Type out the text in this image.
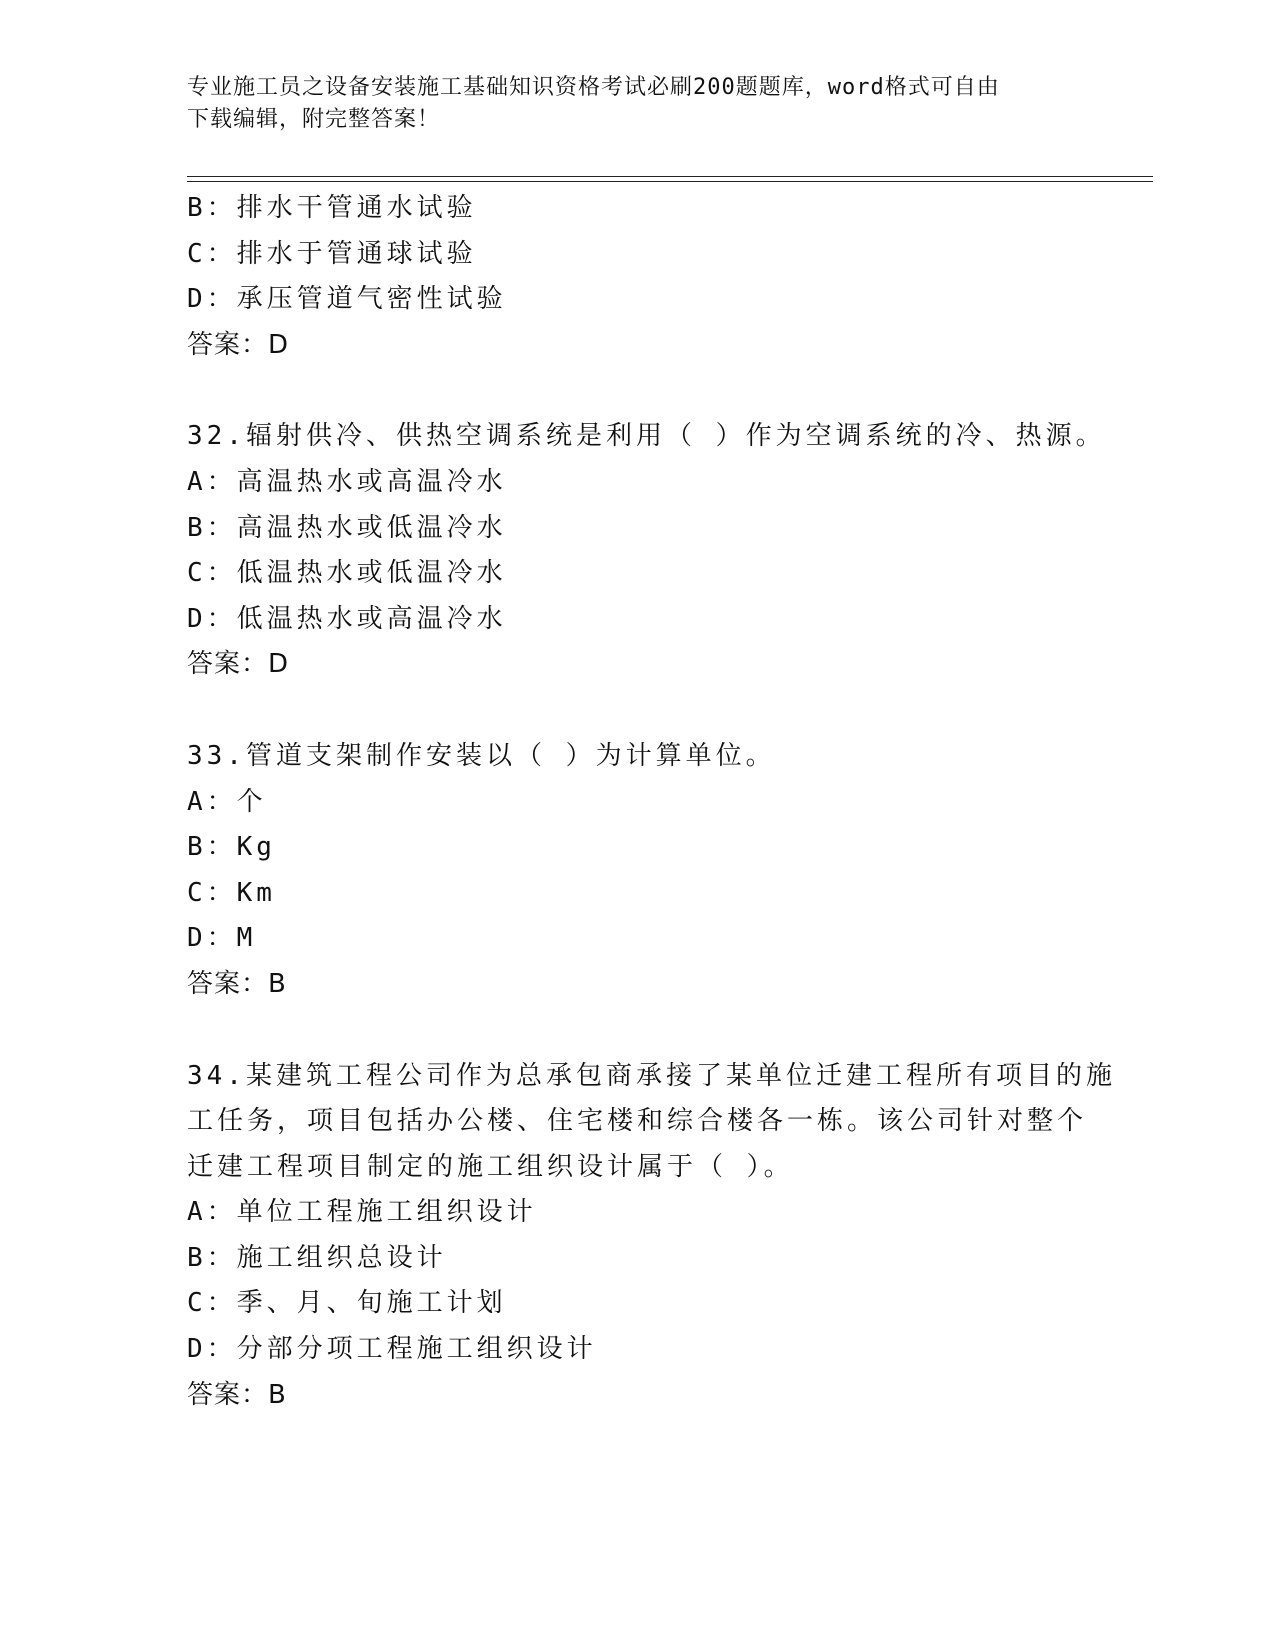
专业施工员之设备安装施工基础知识资格考试必刷200题题库，word格式可自由
下载编辑，附完整答案！
B：排水干管通水试验
C：排水于管通球试验
D：承压管道气密性试验
答案：D
32.辐射供冷、供热空调系统是利用（ ）作为空调系统的冷、热源。
A：高温热水或高温冷水
B：高温热水或低温冷水
C：低温热水或低温冷水
D：低温热水或高温冷水
答案：D
33.管道支架制作安装以（ ）为计算单位。
A：个
B：Kg
C：Km
D：M
答案：B
34.某建筑工程公司作为总承包商承接了某单位迁建工程所有项目的施
工任务，项目包括办公楼、住宅楼和综合楼各一栋。该公司针对整个
迁建工程项目制定的施工组织设计属于（ ）。
A：单位工程施工组织设计
B：施工组织总设计
C：季、月、旬施工计划
D：分部分项工程施工组织设计
答案：B
